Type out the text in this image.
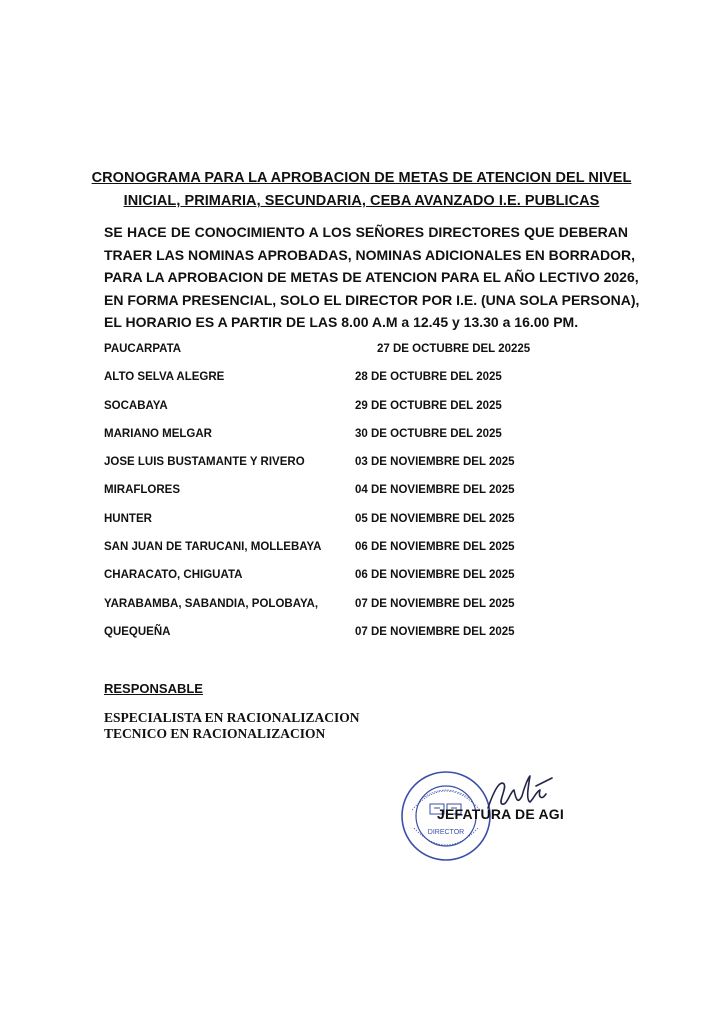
CRONOGRAMA PARA LA APROBACION DE METAS DE ATENCION DEL NIVEL
INICIAL, PRIMARIA, SECUNDARIA, CEBA AVANZADO I.E. PUBLICAS
SE HACE DE CONOCIMIENTO A LOS SEÑORES DIRECTORES QUE DEBERAN
TRAER LAS NOMINAS APROBADAS, NOMINAS ADICIONALES EN BORRADOR,
PARA LA APROBACION DE METAS DE ATENCION PARA EL AÑO LECTIVO 2026,
EN FORMA PRESENCIAL, SOLO EL DIRECTOR POR I.E. (UNA SOLA PERSONA),
EL HORARIO ES A PARTIR DE LAS 8.00 A.M a 12.45 y 13.30 a 16.00 PM.
PAUCARPATA	27 DE OCTUBRE DEL 20225
ALTO SELVA ALEGRE	28 DE OCTUBRE DEL 2025
SOCABAYA	29 DE OCTUBRE DEL 2025
MARIANO MELGAR	30 DE OCTUBRE DEL 2025
JOSE LUIS BUSTAMANTE Y RIVERO	03 DE NOVIEMBRE DEL 2025
MIRAFLORES	04 DE NOVIEMBRE DEL 2025
HUNTER	05 DE NOVIEMBRE DEL 2025
SAN JUAN DE TARUCANI, MOLLEBAYA	06 DE NOVIEMBRE DEL 2025
CHARACATO, CHIGUATA	06 DE NOVIEMBRE DEL 2025
YARABAMBA, SABANDIA, POLOBAYA,	07 DE NOVIEMBRE DEL 2025
QUEQUEÑA	07 DE NOVIEMBRE DEL 2025
RESPONSABLE
ESPECIALISTA EN RACIONALIZACION
TECNICO EN RACIONALIZACION
DIRECTOR
JEFATURA DE AGI
